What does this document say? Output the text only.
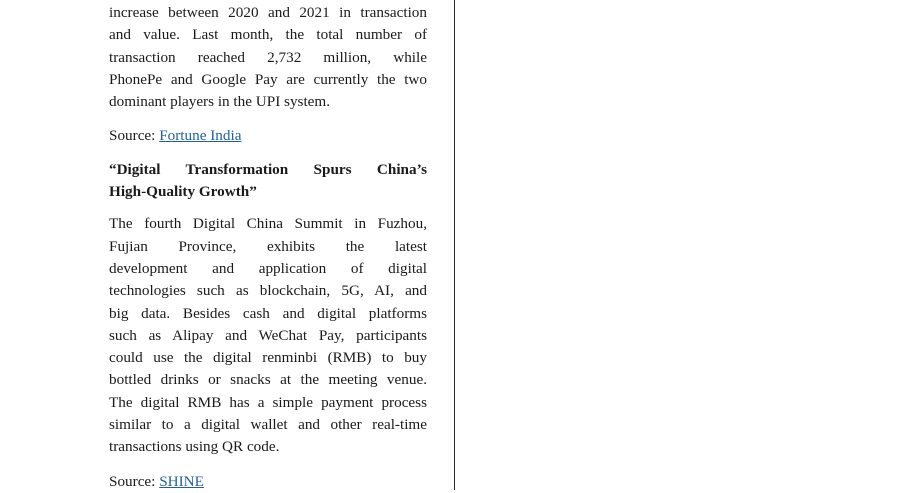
increase between 2020 and 2021 in transaction
and value. Last month, the total number of
transaction reached 2,732 million, while
PhonePe and Google Pay are currently the two
dominant players in the UPI system.

Source: Fortune India

“Digital Transformation Spurs China’s
High-Quality Growth”

The fourth Digital China Summit in Fuzhou,
Fujian Province, exhibits the latest
development and application of digital
technologies such as blockchain, 5G, AI, and
big data. Besides cash and digital platforms
such as Alipay and WeChat Pay, participants
could use the digital renminbi (RMB) to buy
bottled drinks or snacks at the meeting venue.
The digital RMB has a simple payment process
similar to a digital wallet and other real-time
transactions using QR code.

Source: SHINE
